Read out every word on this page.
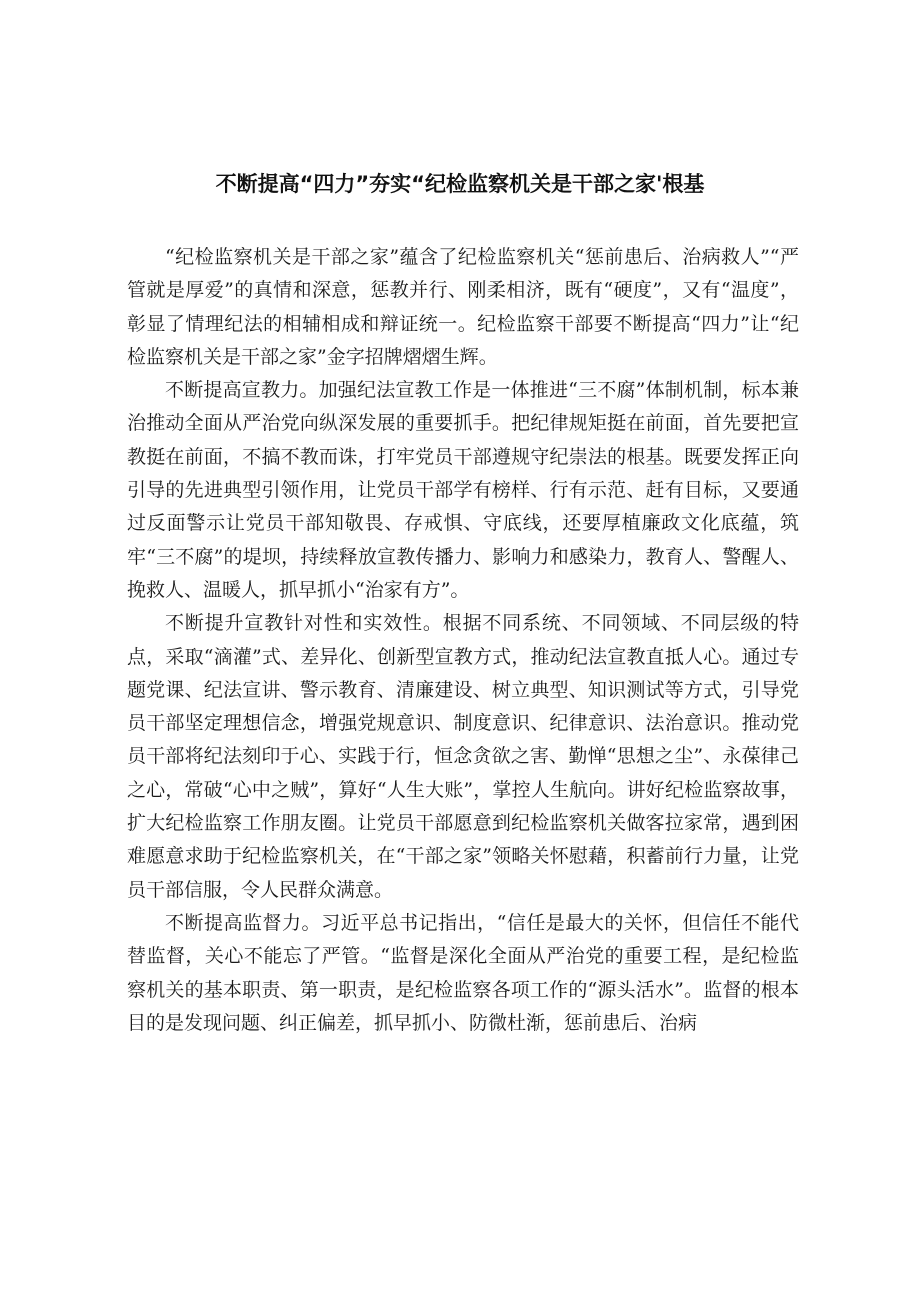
不断提高“四力”夯实“纪检监察机关是干部之家'根基

“纪检监察机关是干部之家”蕴含了纪检监察机关“惩前患后、治病救人”“严管就是厚爱”的真情和深意，惩教并行、刚柔相济，既有“硬度”，又有“温度”，彰显了情理纪法的相辅相成和辩证统一。纪检监察干部要不断提高“四力”让“纪检监察机关是干部之家”金字招牌熠熠生辉。

不断提高宣教力。加强纪法宣教工作是一体推进“三不腐”体制机制，标本兼治推动全面从严治党向纵深发展的重要抓手。把纪律规矩挺在前面，首先要把宣教挺在前面，不搞不教而诛，打牢党员干部遵规守纪崇法的根基。既要发挥正向引导的先进典型引领作用，让党员干部学有榜样、行有示范、赶有目标，又要通过反面警示让党员干部知敬畏、存戒惧、守底线，还要厚植廉政文化底蕴，筑牢“三不腐”的堤坝，持续释放宣教传播力、影响力和感染力，教育人、警醒人、挽救人、温暖人，抓早抓小“治家有方”。

不断提升宣教针对性和实效性。根据不同系统、不同领域、不同层级的特点，采取“滴灌”式、差异化、创新型宣教方式，推动纪法宣教直抵人心。通过专题党课、纪法宣讲、警示教育、清廉建设、树立典型、知识测试等方式，引导党员干部坚定理想信念，增强党规意识、制度意识、纪律意识、法治意识。推动党员干部将纪法刻印于心、实践于行，恒念贪欲之害、勤惮“思想之尘”、永葆律己之心，常破“心中之贼”，算好“人生大账”，掌控人生航向。讲好纪检监察故事，扩大纪检监察工作朋友圈。让党员干部愿意到纪检监察机关做客拉家常，遇到困难愿意求助于纪检监察机关，在“干部之家”领略关怀慰藉，积蓄前行力量，让党员干部信服，令人民群众满意。

不断提高监督力。习近平总书记指出，“信任是最大的关怀，但信任不能代替监督，关心不能忘了严管。“监督是深化全面从严治党的重要工程，是纪检监察机关的基本职责、第一职责，是纪检监察各项工作的“源头活水”。监督的根本目的是发现问题、纠正偏差，抓早抓小、防微杜渐，惩前患后、治病
